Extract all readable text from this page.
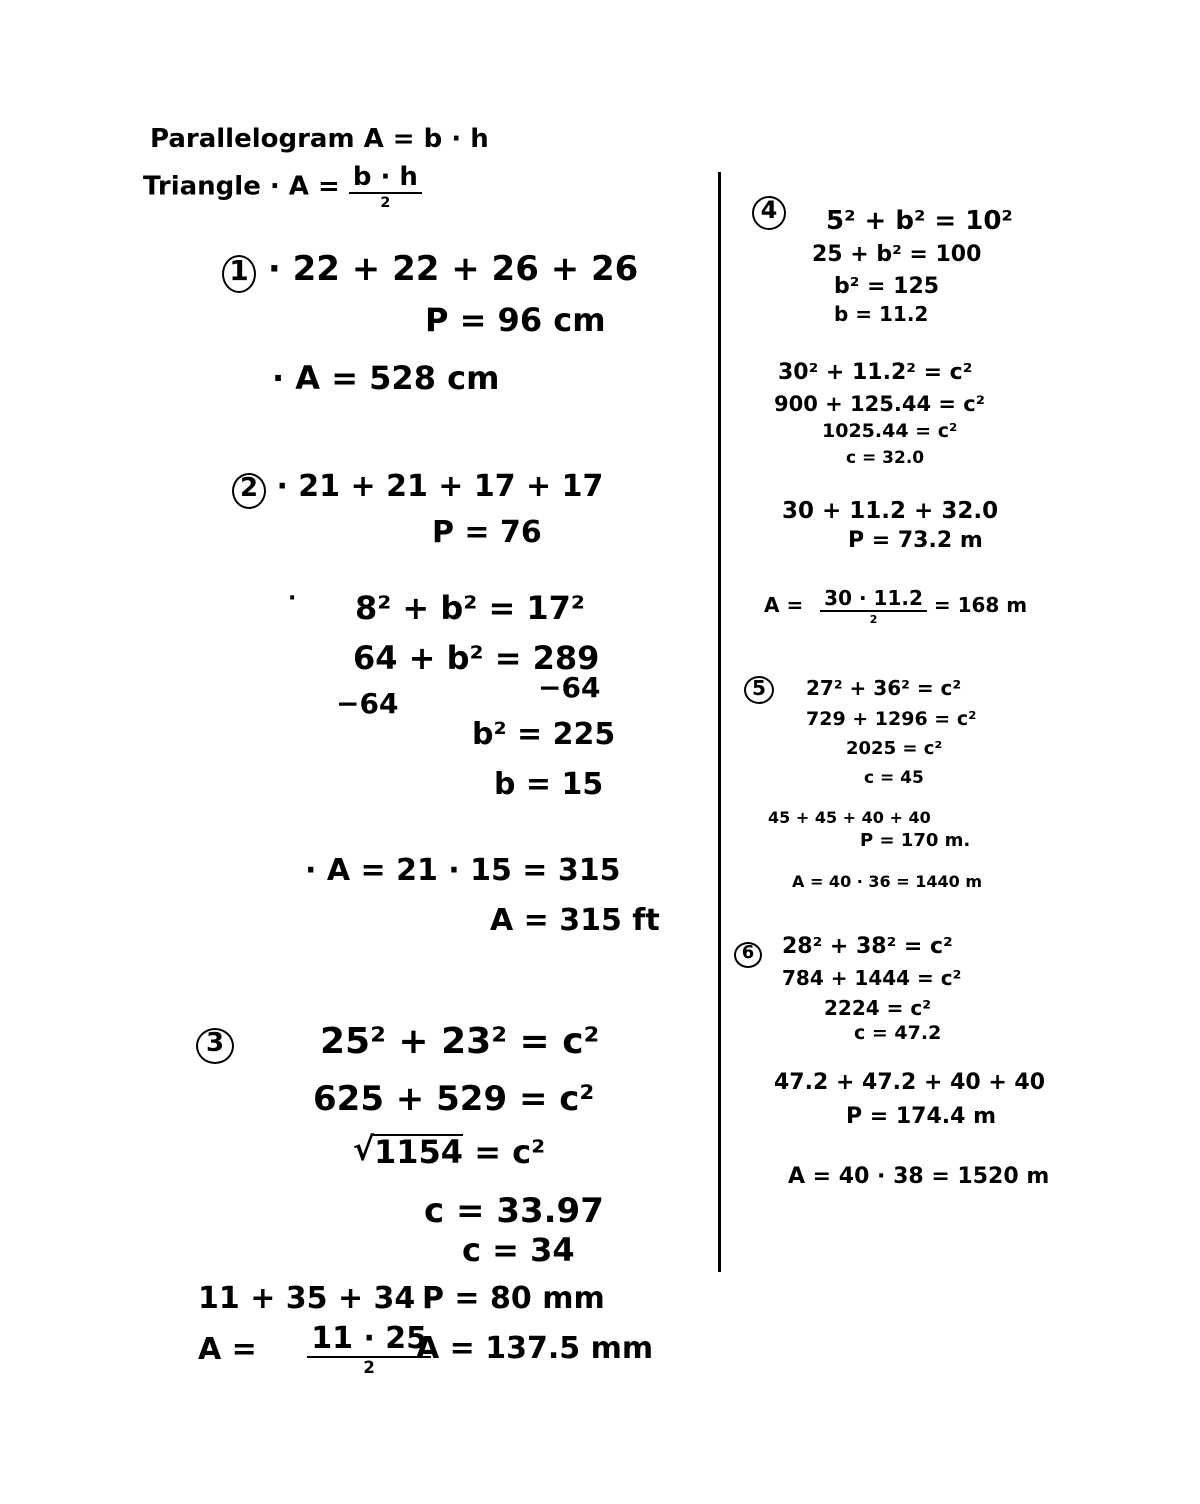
Parallelogram A = b · h
Triangle · $A = \frac{b \cdot h}{2}$
1 · 22 + 22 + 26 + 26
P = 96 cm
· A = 528 cm
2 · 21 + 21 + 17 + 17
P = 76
· 8² + b² = 17²
64 + b² = 289
−64	−64
b² = 225
b = 15
· A = 21 · 15 = 315
A = 315 ft
3	25² + 23² = c²
625 + 529 = c²
√ 1154 = c²
c = 33.97
c = 34
11 + 35 + 34 P = 80 mm
$A = \frac{11 \cdot 25}{2}$
A = 137.5 mm
4	5² + b² = 10²
25 + b² = 100
b² = 125
b = 11.2
30² + 11.2² = c²
900 + 125.44 = c²
1025.44 = c²
c = 32.0
30 + 11.2 + 32.0
P = 73.2 m
$A = \frac{30 \cdot 11.2}{2} = 168$ m
5	27² + 36² = c²
729 + 1296 = c²
2025 = c²
c = 45
45 + 45 + 40 + 40
P = 170 m.
A = 40 · 36 = 1440 m
6	28² + 38² = c²
784 + 1444 = c²
2224 = c²
c = 47.2
47.2 + 47.2 + 40 + 40
P = 174.4 m
A = 40 · 38 = 1520 m
